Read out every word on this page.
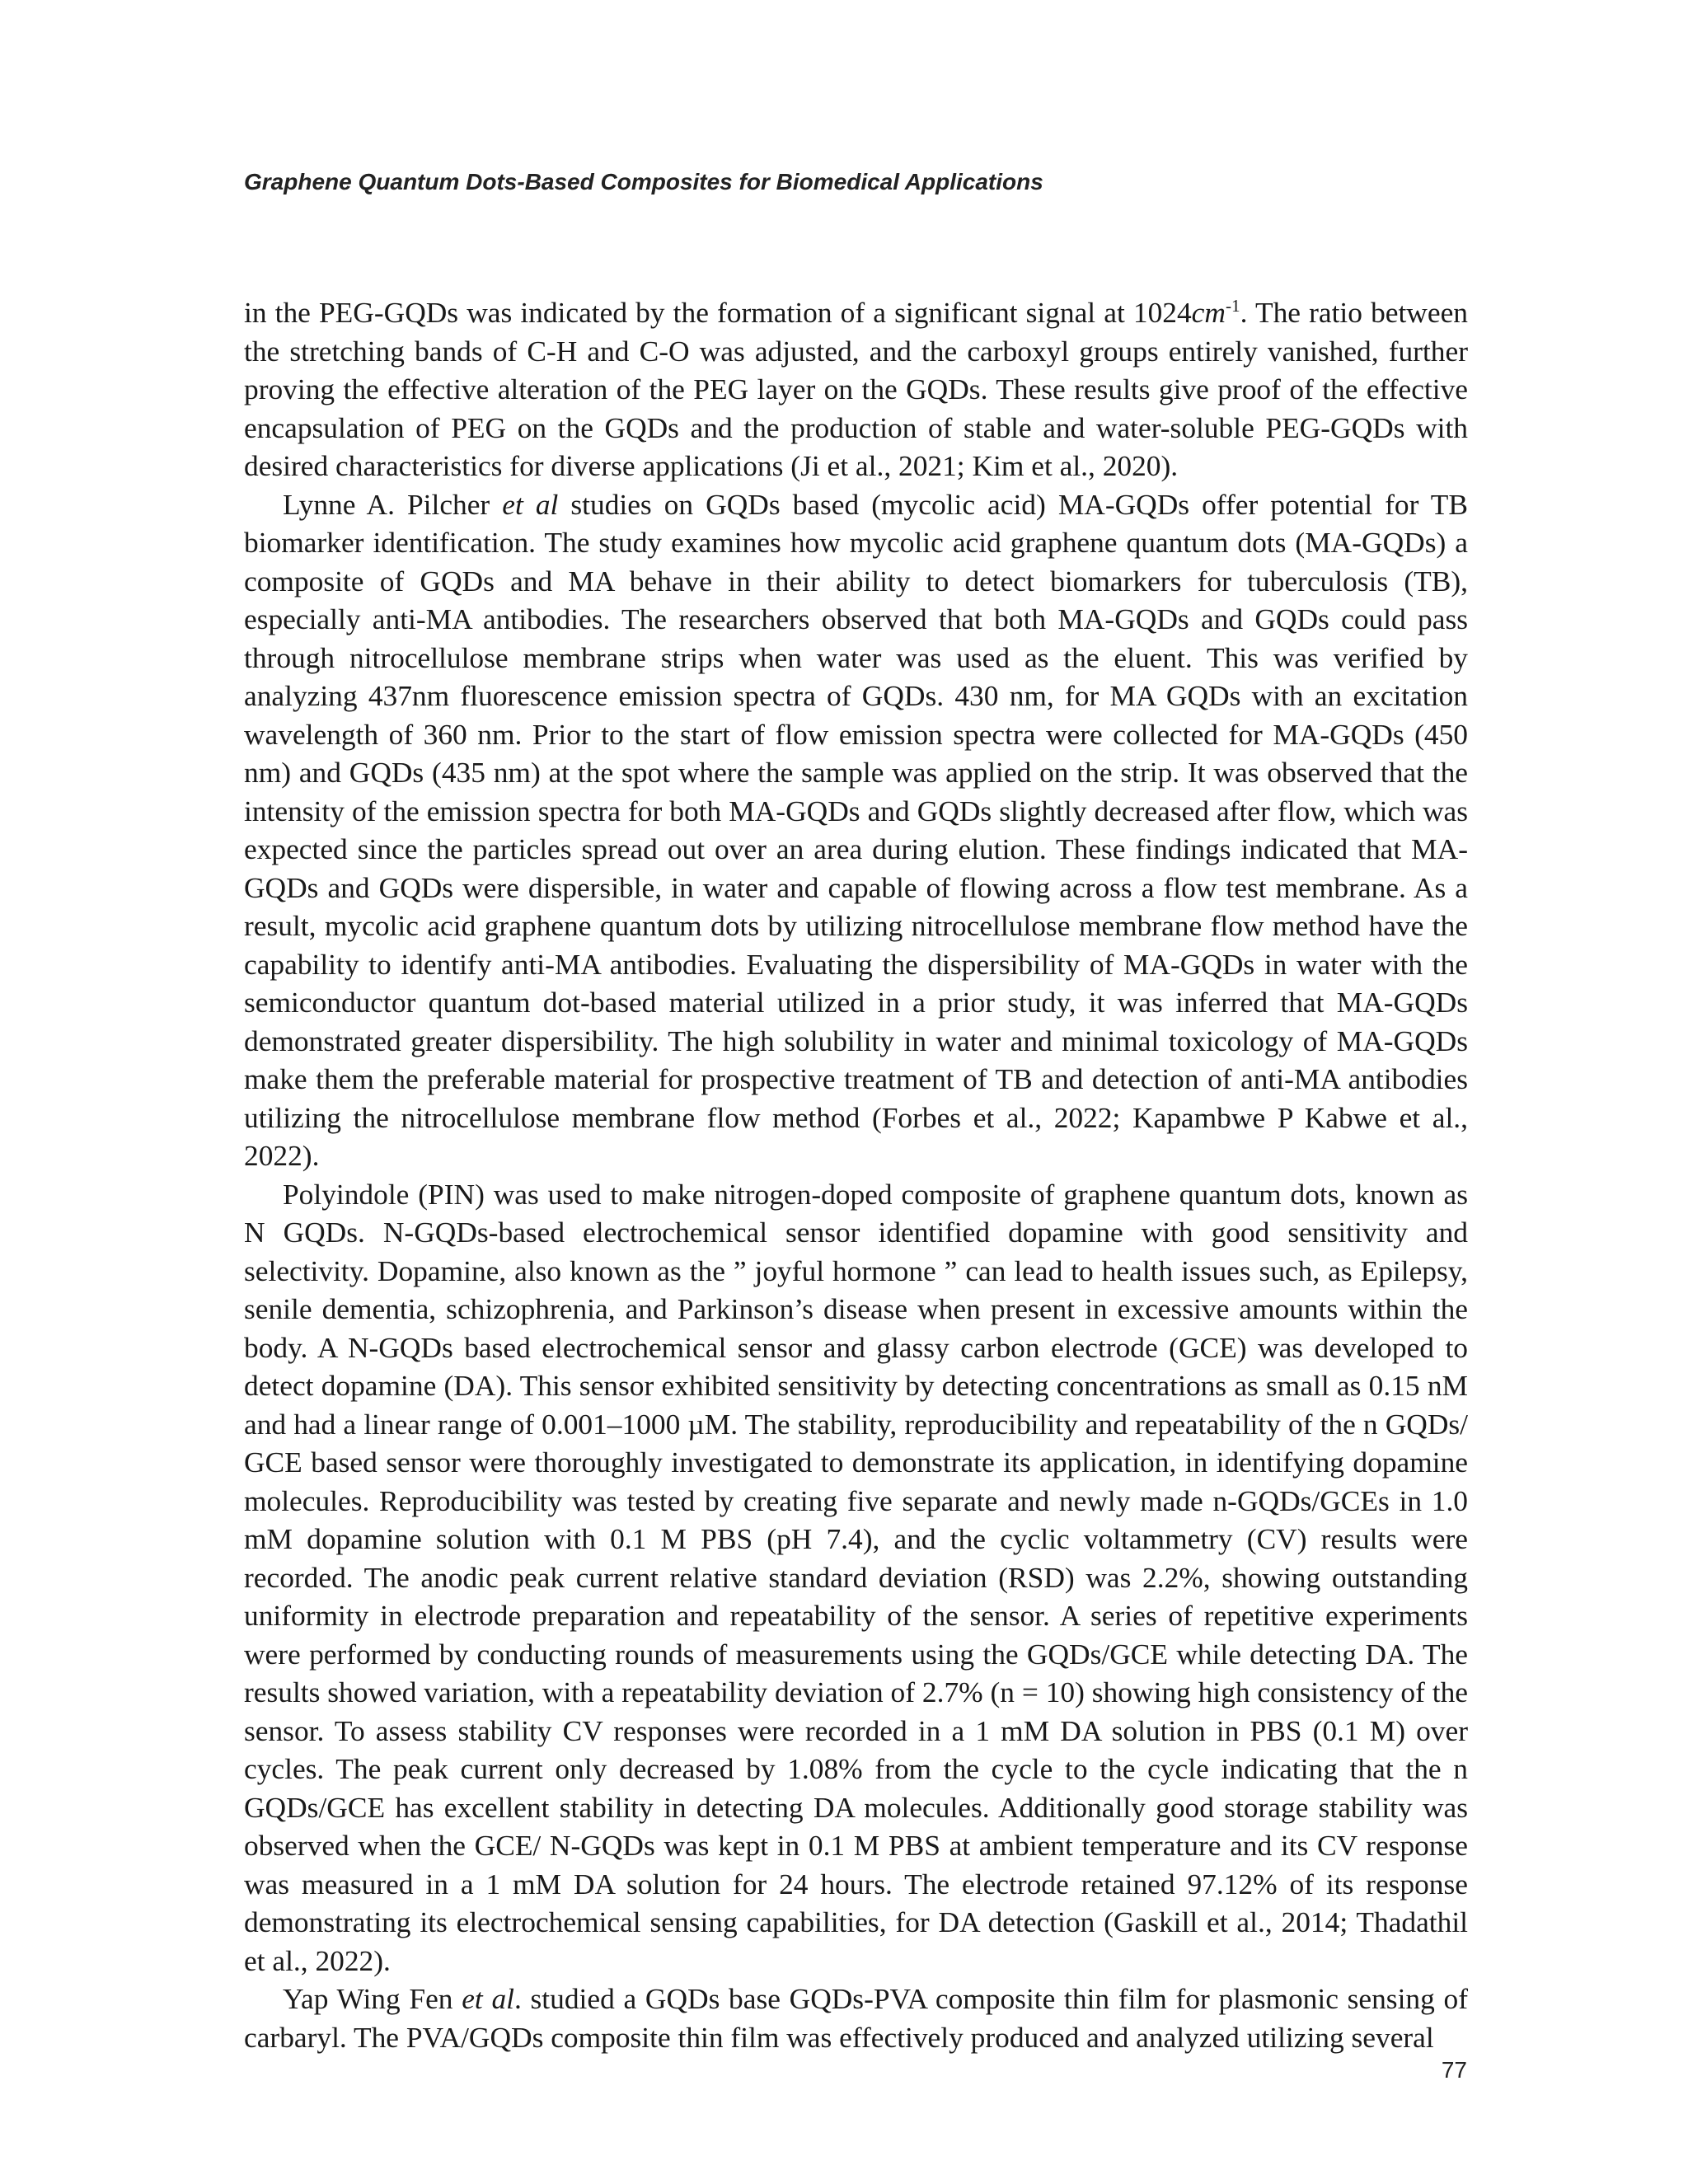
Graphene Quantum Dots-Based Composites for Biomedical Applications

in the PEG-GQDs was indicated by the formation of a significant signal at $1024cm^{-1}$. The ratio between the stretching bands of C-H and C-O was adjusted, and the carboxyl groups entirely vanished, further proving the effective alteration of the PEG layer on the GQDs. These results give proof of the effective encapsulation of PEG on the GQDs and the production of stable and water-soluble PEG-GQDs with desired characteristics for diverse applications (Ji et al., 2021; Kim et al., 2020).

Lynne A. Pilcher et al studies on GQDs based (mycolic acid) MA-GQDs offer potential for TB biomarker identification. The study examines how mycolic acid graphene quantum dots (MA-GQDs) a composite of GQDs and MA behave in their ability to detect biomarkers for tuberculosis (TB), especially anti-MA antibodies. The researchers observed that both MA-GQDs and GQDs could pass through nitrocellulose membrane strips when water was used as the eluent. This was verified by analyzing 437nm fluorescence emission spectra of GQDs. 430 nm, for MA GQDs with an excitation wavelength of 360 nm. Prior to the start of flow emission spectra were collected for MA-GQDs (450 nm) and GQDs (435 nm) at the spot where the sample was applied on the strip. It was observed that the intensity of the emission spectra for both MA-GQDs and GQDs slightly decreased after flow, which was expected since the particles spread out over an area during elution. These findings indicated that MA-GQDs and GQDs were dispersible, in water and capable of flowing across a flow test membrane. As a result, mycolic acid graphene quantum dots by utilizing nitrocellulose membrane flow method have the capability to identify anti-MA antibodies. Evaluating the dispersibility of MA-GQDs in water with the semiconductor quantum dot-based material utilized in a prior study, it was inferred that MA-GQDs demonstrated greater dispersibility. The high solubility in water and minimal toxicology of MA-GQDs make them the preferable material for prospective treatment of TB and detection of anti-MA antibodies utilizing the nitrocellulose membrane flow method (Forbes et al., 2022; Kapambwe P Kabwe et al., 2022).

Polyindole (PIN) was used to make nitrogen-doped composite of graphene quantum dots, known as N GQDs. N-GQDs-based electrochemical sensor identified dopamine with good sensitivity and selectivity. Dopamine, also known as the ” joyful hormone ” can lead to health issues such, as Epilepsy, senile dementia, schizophrenia, and Parkinson’s disease when present in excessive amounts within the body. A N-GQDs based electrochemical sensor and glassy carbon electrode (GCE) was developed to detect dopamine (DA). This sensor exhibited sensitivity by detecting concentrations as small as 0.15 nM and had a linear range of 0.001–1000 µM. The stability, reproducibility and repeatability of the n GQDs/ GCE based sensor were thoroughly investigated to demonstrate its application, in identifying dopamine molecules. Reproducibility was tested by creating five separate and newly made n-GQDs/GCEs in 1.0 mM dopamine solution with 0.1 M PBS (pH 7.4), and the cyclic voltammetry (CV) results were recorded. The anodic peak current relative standard deviation (RSD) was 2.2%, showing outstanding uniformity in electrode preparation and repeatability of the sensor. A series of repetitive experiments were performed by conducting rounds of measurements using the GQDs/GCE while detecting DA. The results showed variation, with a repeatability deviation of 2.7% (n = 10) showing high consistency of the sensor. To assess stability CV responses were recorded in a 1 mM DA solution in PBS (0.1 M) over cycles. The peak current only decreased by 1.08% from the cycle to the cycle indicating that the n GQDs/GCE has excellent stability in detecting DA molecules. Additionally good storage stability was observed when the GCE/ N-GQDs was kept in 0.1 M PBS at ambient temperature and its CV response was measured in a 1 mM DA solution for 24 hours. The electrode retained 97.12% of its response demonstrating its electrochemical sensing capabilities, for DA detection (Gaskill et al., 2014; Thadathil et al., 2022).

Yap Wing Fen et al. studied a GQDs base GQDs-PVA composite thin film for plasmonic sensing of carbaryl. The PVA/GQDs composite thin film was effectively produced and analyzed utilizing several

77
